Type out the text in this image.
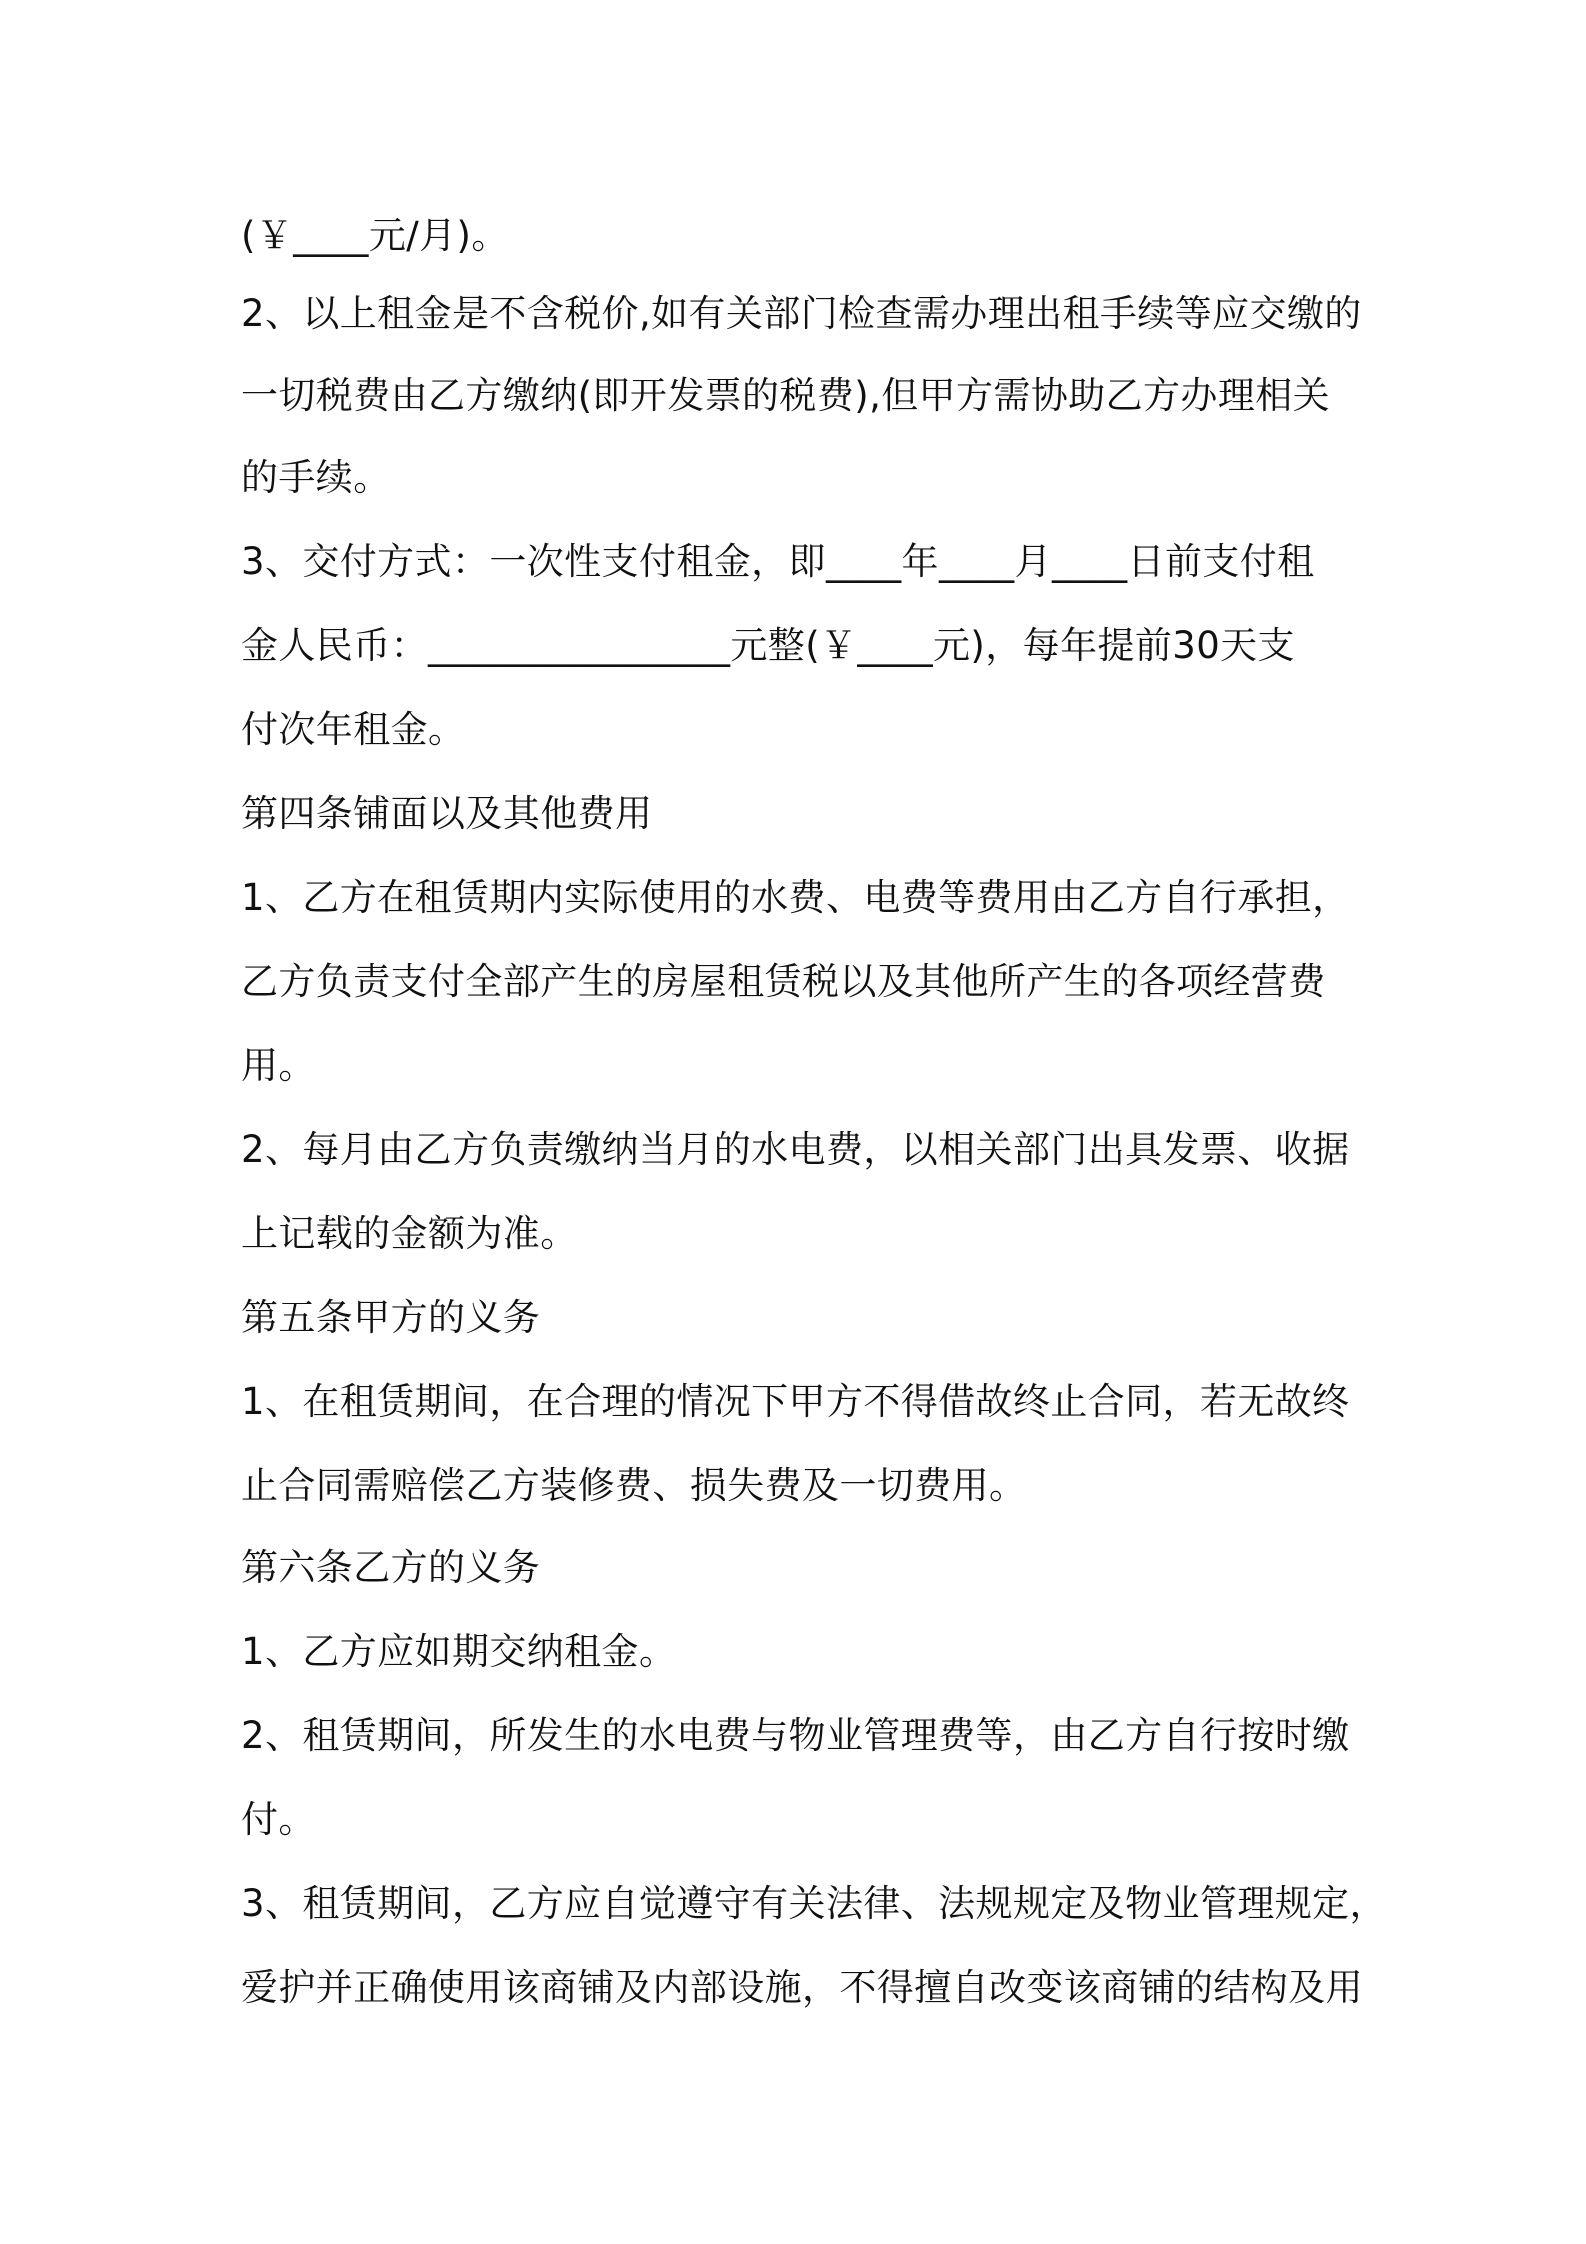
(￥____元/月)。
2、以上租金是不含税价,如有关部门检查需办理出租手续等应交缴的
一切税费由乙方缴纳(即开发票的税费),但甲方需协助乙方办理相关
的手续。
3、交付方式：一次性支付租金，即____年____月____日前支付租
金人民币：________________元整(￥____元)，每年提前30天支
付次年租金。
第四条铺面以及其他费用
1、乙方在租赁期内实际使用的水费、电费等费用由乙方自行承担，
乙方负责支付全部产生的房屋租赁税以及其他所产生的各项经营费
用。
2、每月由乙方负责缴纳当月的水电费，以相关部门出具发票、收据
上记载的金额为准。
第五条甲方的义务
1、在租赁期间，在合理的情况下甲方不得借故终止合同，若无故终
止合同需赔偿乙方装修费、损失费及一切费用。
第六条乙方的义务
1、乙方应如期交纳租金。
2、租赁期间，所发生的水电费与物业管理费等，由乙方自行按时缴
付。
3、租赁期间，乙方应自觉遵守有关法律、法规规定及物业管理规定，
爱护并正确使用该商铺及内部设施，不得擅自改变该商铺的结构及用
